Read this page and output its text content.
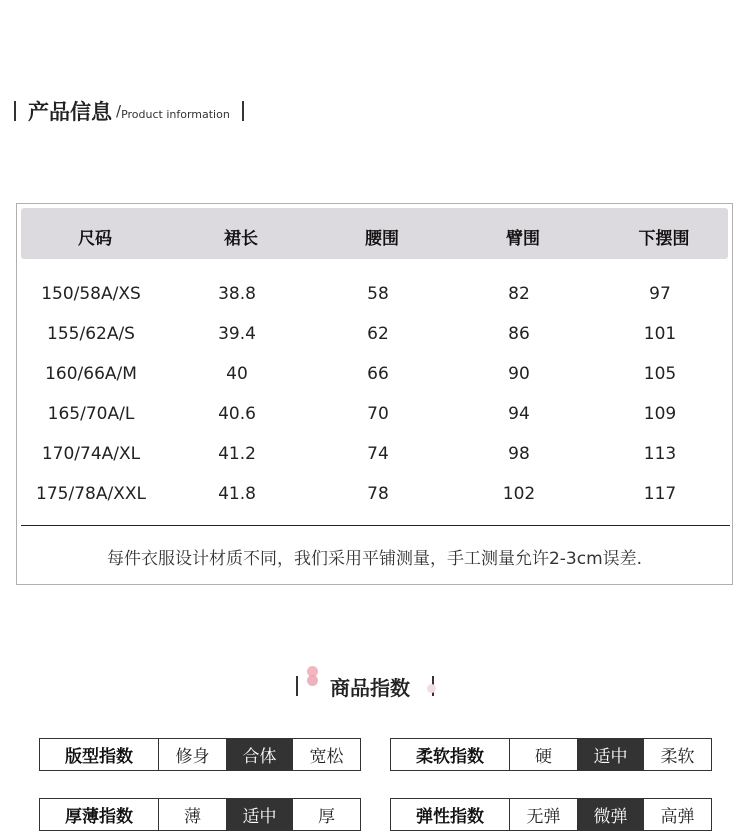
产品信息 / Product information
尺码	裙长	腰围	臂围	下摆围
150/58A/XS	38.8	58	82	97
155/62A/S	39.4	62	86	101
160/66A/M	40	66	90	105
165/70A/L	40.6	70	94	109
170/74A/XL	41.2	74	98	113
175/78A/XXL	41.8	78	102	117
每件衣服设计材质不同，我们采用平铺测量，手工测量允许2-3cm误差.
商品指数
版型指数	修身	合体	宽松	柔软指数	硬	适中	柔软
厚薄指数	薄	适中	厚	弹性指数	无弹	微弹	高弹
